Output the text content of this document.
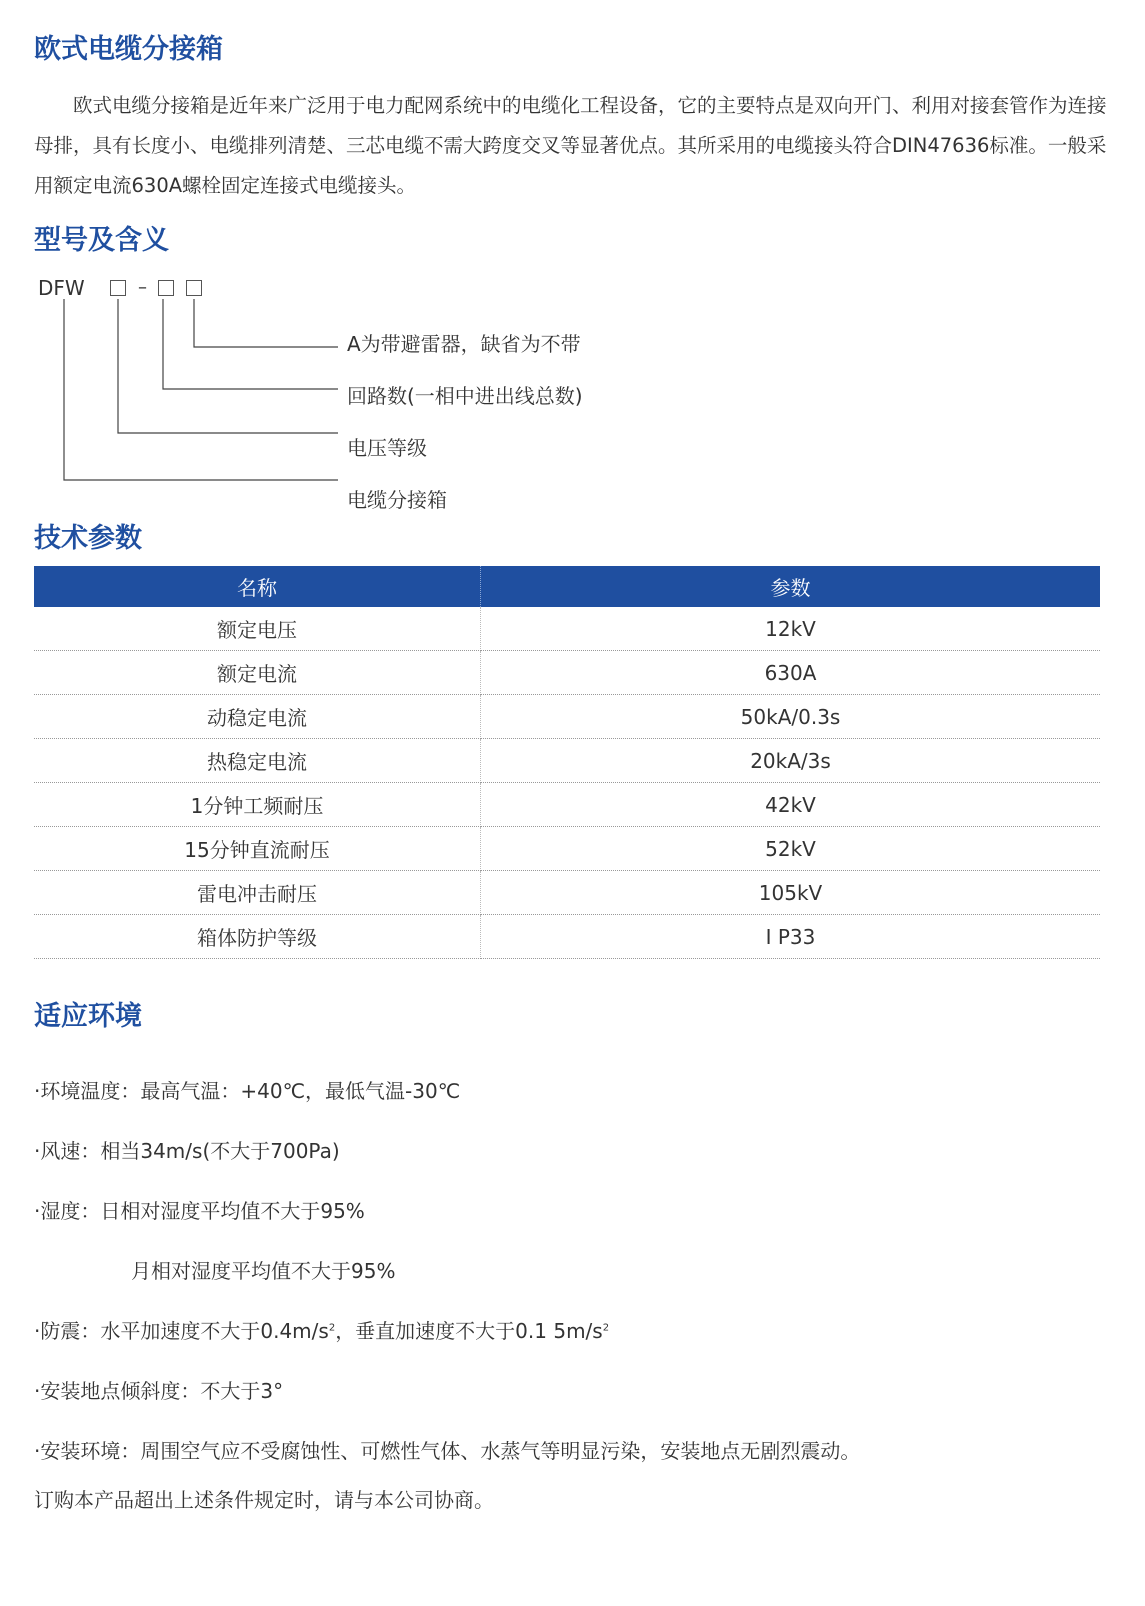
欧式电缆分接箱

欧式电缆分接箱是近年来广泛用于电力配网系统中的电缆化工程设备，它的主要特点是双向开门、利用对接套管作为连接母排，具有长度小、电缆排列清楚、三芯电缆不需大跨度交叉等显著优点。其所采用的电缆接头符合DIN47636标准。一般采用额定电流630A螺栓固定连接式电缆接头。

型号及含义
DFW	–
A为带避雷器，缺省为不带
回路数(一相中进出线总数)
电压等级
电缆分接箱
技术参数
名称	参数
额定电压	12kV
额定电流	630A
动稳定电流	50kA/0.3s
热稳定电流	20kA/3s
1分钟工频耐压	42kV
15分钟直流耐压	52kV
雷电冲击耐压	105kV
箱体防护等级	I P33
适应环境
·环境温度：最高气温：+40℃，最低气温-30℃
·风速：相当34m/s(不大于700Pa)
·湿度：日相对湿度平均值不大于95%
月相对湿度平均值不大于95%
·防震：水平加速度不大于$0.4m/s^2$，垂直加速度不大于0.1 $5m/s^2$
·安装地点倾斜度：不大于3°
·安装环境：周围空气应不受腐蚀性、可燃性气体、水蒸气等明显污染，安装地点无剧烈震动。
订购本产品超出上述条件规定时，请与本公司协商。
